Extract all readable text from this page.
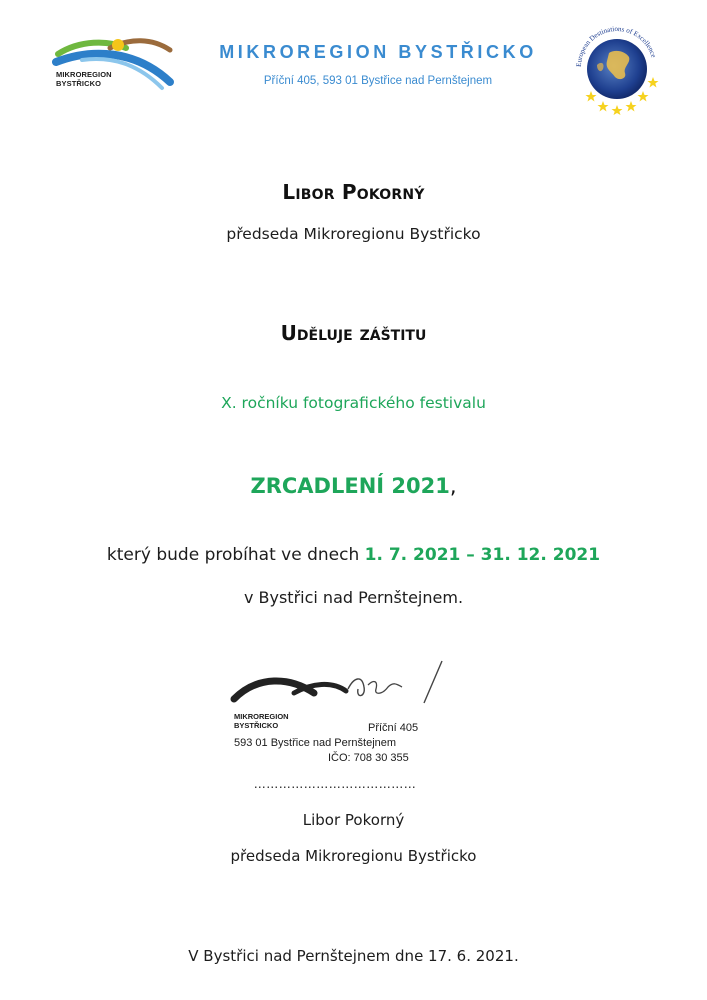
MIKROREGION
BYSTŘICKO
MIKROREGION BYSTŘICKO
Příční 405, 593 01 Bystřice nad Pernštejnem
European Destinations of Excellence
Libor Pokorný
předseda Mikroregionu Bystřicko
Uděluje záštitu
X. ročníku fotografického festivalu
ZRCADLENÍ 2021,
který bude probíhat ve dnech 1. 7. 2021 – 31. 12. 2021
v Bystřici nad Pernštejnem.
MIKROREGION
BYSTŘICKO	Příční 405
593 01 Bystřice nad Pernštejnem
IČO: 708 30 355
…………………………………
Libor Pokorný
předseda Mikroregionu Bystřicko
V Bystřici nad Pernštejnem dne 17. 6. 2021.
